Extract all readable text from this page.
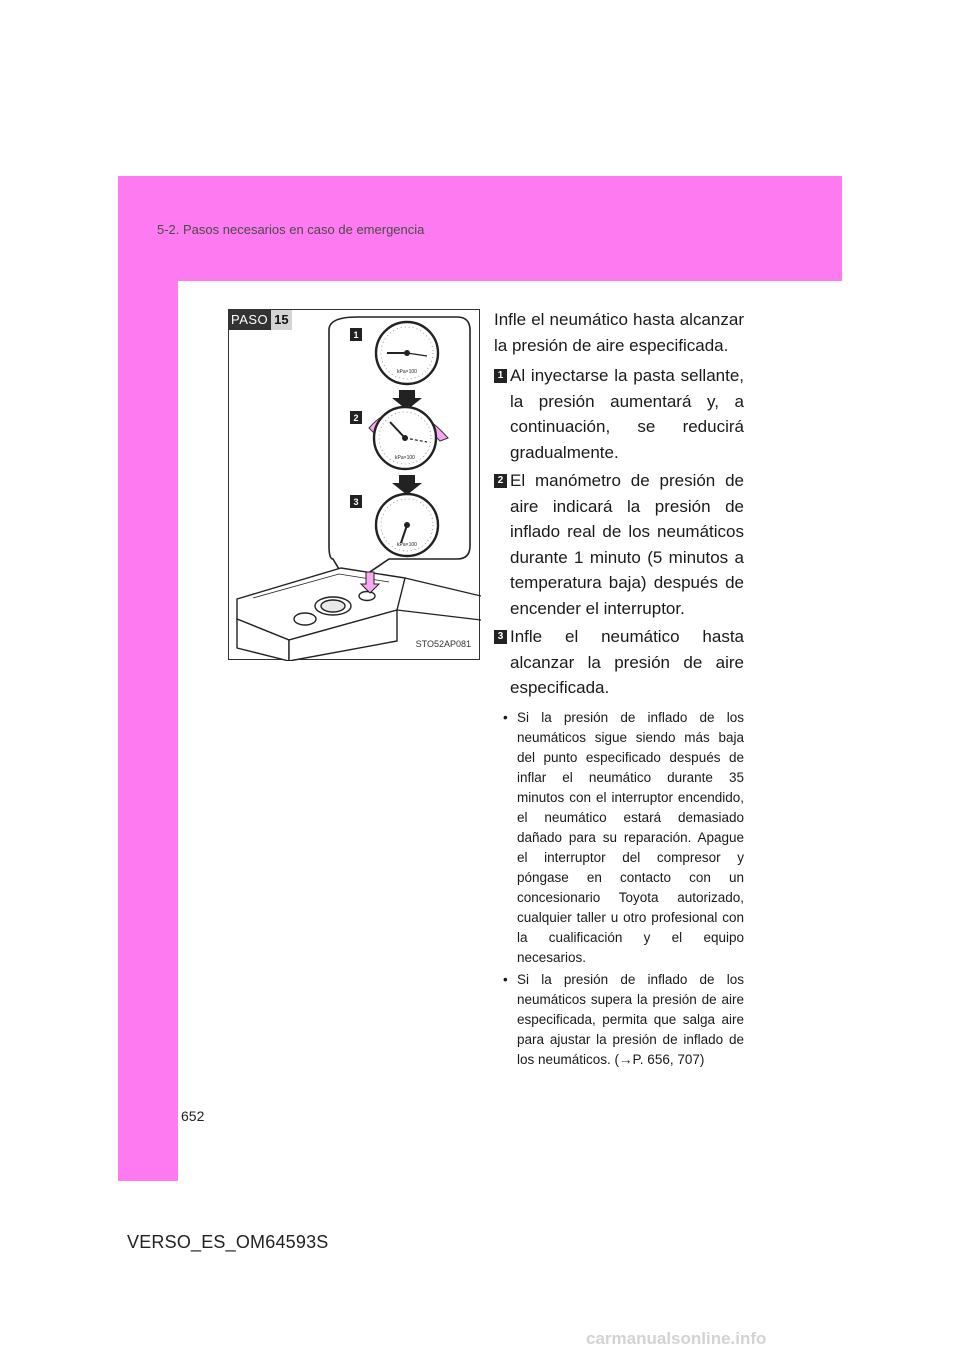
5-2. Pasos necesarios en caso de emergencia
1
2
3
kPa×100
kPa×100
kPa×100
PASO 15
STO52AP081

Infle el neumático hasta alcanzar la presión de aire especificada.

1 Al inyectarse la pasta sellante, la presión aumentará y, a continuación, se reducirá gradualmente.
2 El manómetro de presión de aire indicará la presión de inflado real de los neumáticos durante 1 minuto (5 minutos a temperatura baja) después de encender el interruptor.
3 Infle el neumático hasta alcanzar la presión de aire especificada.
• Si la presión de inflado de los neumáticos sigue siendo más baja del punto especificado después de inflar el neumático durante 35 minutos con el interruptor encendido, el neumático estará demasiado dañado para su reparación. Apague el interruptor del compresor y póngase en contacto con un concesionario Toyota autorizado, cualquier taller u otro profesional con la cualificación y el equipo necesarios.
• Si la presión de inflado de los neumáticos supera la presión de aire especificada, permita que salga aire para ajustar la presión de inflado de los neumáticos. (→P. 656, 707)
652
VERSO_ES_OM64593S
carmanualsonline.info
